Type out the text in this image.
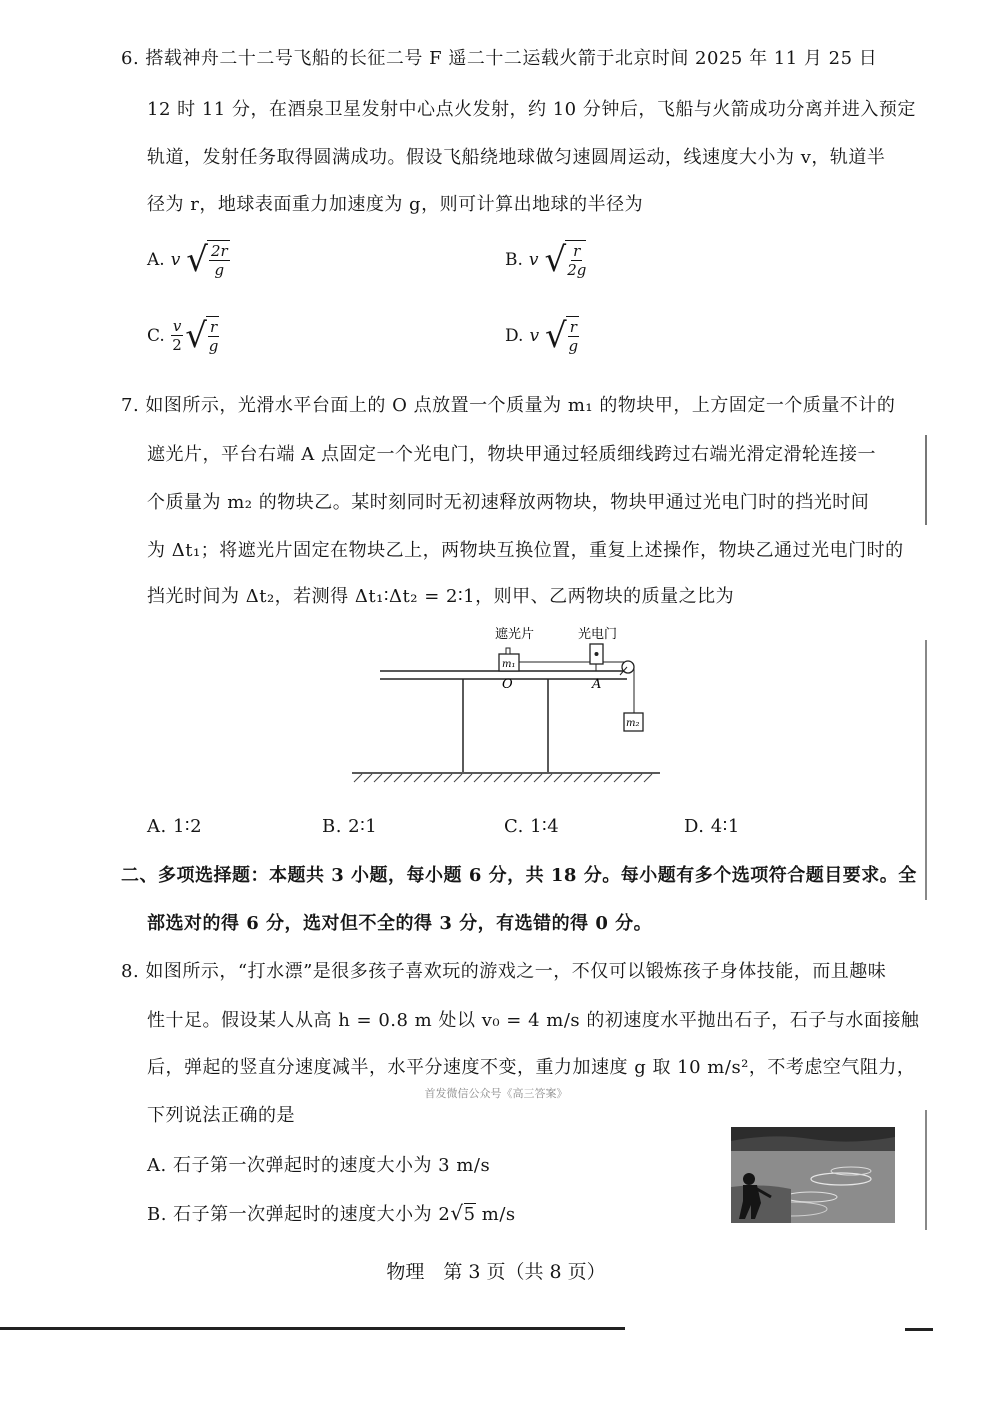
6. 搭载神舟二十二号飞船的长征二号 F 遥二十二运载火箭于北京时间 2025 年 11 月 25 日
12 时 11 分，在酒泉卫星发射中心点火发射，约 10 分钟后，飞船与火箭成功分离并进入预定
轨道，发射任务取得圆满成功。假设飞船绕地球做匀速圆周运动，线速度大小为 v，轨道半
径为 r，地球表面重力加速度为 g，则可计算出地球的半径为
A. v √ $\frac{2r}{g}$	B. v √ $\frac{r}{2g}$
C. $\frac{v}{2}$ √ $\frac{r}{g}$	D. v √ $\frac{r}{g}$
7. 如图所示，光滑水平台面上的 O 点放置一个质量为 m₁ 的物块甲，上方固定一个质量不计的
遮光片，平台右端 A 点固定一个光电门，物块甲通过轻质细线跨过右端光滑定滑轮连接一
个质量为 m₂ 的物块乙。某时刻同时无初速释放两物块，物块甲通过光电门时的挡光时间
为 Δt₁；将遮光片固定在物块乙上，两物块互换位置，重复上述操作，物块乙通过光电门时的
挡光时间为 Δt₂，若测得 Δt₁∶Δt₂ = 2∶1，则甲、乙两物块的质量之比为
遮光片	光电门
m₁
m₂
O	A
A. 1∶2	B. 2∶1	C. 1∶4	D. 4∶1
二、多项选择题：本题共 3 小题，每小题 6 分，共 18 分。每小题有多个选项符合题目要求。全
部选对的得 6 分，选对但不全的得 3 分，有选错的得 0 分。
8. 如图所示，“打水漂”是很多孩子喜欢玩的游戏之一，不仅可以锻炼孩子身体技能，而且趣味
性十足。假设某人从高 h = 0.8 m 处以 v₀ = 4 m/s 的初速度水平抛出石子，石子与水面接触
后，弹起的竖直分速度减半，水平分速度不变，重力加速度 g 取 10 m/s²，不考虑空气阻力，
首发微信公众号《高三答案》
下列说法正确的是
A. 石子第一次弹起时的速度大小为 3 m/s
B. 石子第一次弹起时的速度大小为 2√5 m/s
物理　第 3 页（共 8 页）
